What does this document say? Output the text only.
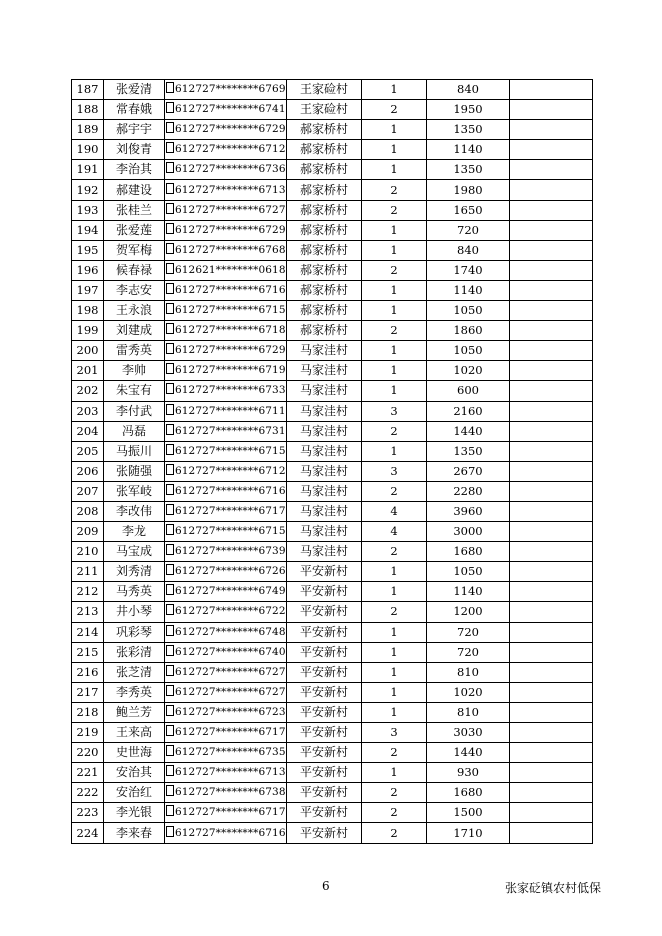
187	张爱清	612727********6769	王家硷村	1	840	
188	常春娥	612727********6741	王家硷村	2	1950	
189	郝宇宇	612727********6729	郝家桥村	1	1350	
190	刘俊青	612727********6712	郝家桥村	1	1140	
191	李治其	612727********6736	郝家桥村	1	1350	
192	郝建设	612727********6713	郝家桥村	2	1980	
193	张桂兰	612727********6727	郝家桥村	2	1650	
194	张爱莲	612727********6729	郝家桥村	1	720	
195	贺军梅	612727********6768	郝家桥村	1	840	
196	候春禄	612621********0618	郝家桥村	2	1740	
197	李志安	612727********6716	郝家桥村	1	1140	
198	王永浪	612727********6715	郝家桥村	1	1050	
199	刘建成	612727********6718	郝家桥村	2	1860	
200	雷秀英	612727********6729	马家洼村	1	1050	
201	李帅	612727********6719	马家洼村	1	1020	
202	朱宝有	612727********6733	马家洼村	1	600	
203	李付武	612727********6711	马家洼村	3	2160	
204	冯磊	612727********6731	马家洼村	2	1440	
205	马振川	612727********6715	马家洼村	1	1350	
206	张随强	612727********6712	马家洼村	3	2670	
207	张军岐	612727********6716	马家洼村	2	2280	
208	李改伟	612727********6717	马家洼村	4	3960	
209	李龙	612727********6715	马家洼村	4	3000	
210	马宝成	612727********6739	马家洼村	2	1680	
211	刘秀清	612727********6726	平安新村	1	1050	
212	马秀英	612727********6749	平安新村	1	1140	
213	井小琴	612727********6722	平安新村	2	1200	
214	巩彩琴	612727********6748	平安新村	1	720	
215	张彩清	612727********6740	平安新村	1	720	
216	张芝清	612727********6727	平安新村	1	810	
217	李秀英	612727********6727	平安新村	1	1020	
218	鲍兰芳	612727********6723	平安新村	1	810	
219	王来高	612727********6717	平安新村	3	3030	
220	史世海	612727********6735	平安新村	2	1440	
221	安治其	612727********6713	平安新村	1	930	
222	安治红	612727********6738	平安新村	2	1680	
223	李光银	612727********6717	平安新村	2	1500	
224	李来春	612727********6716	平安新村	2	1710	
6	张家砭镇农村低保
